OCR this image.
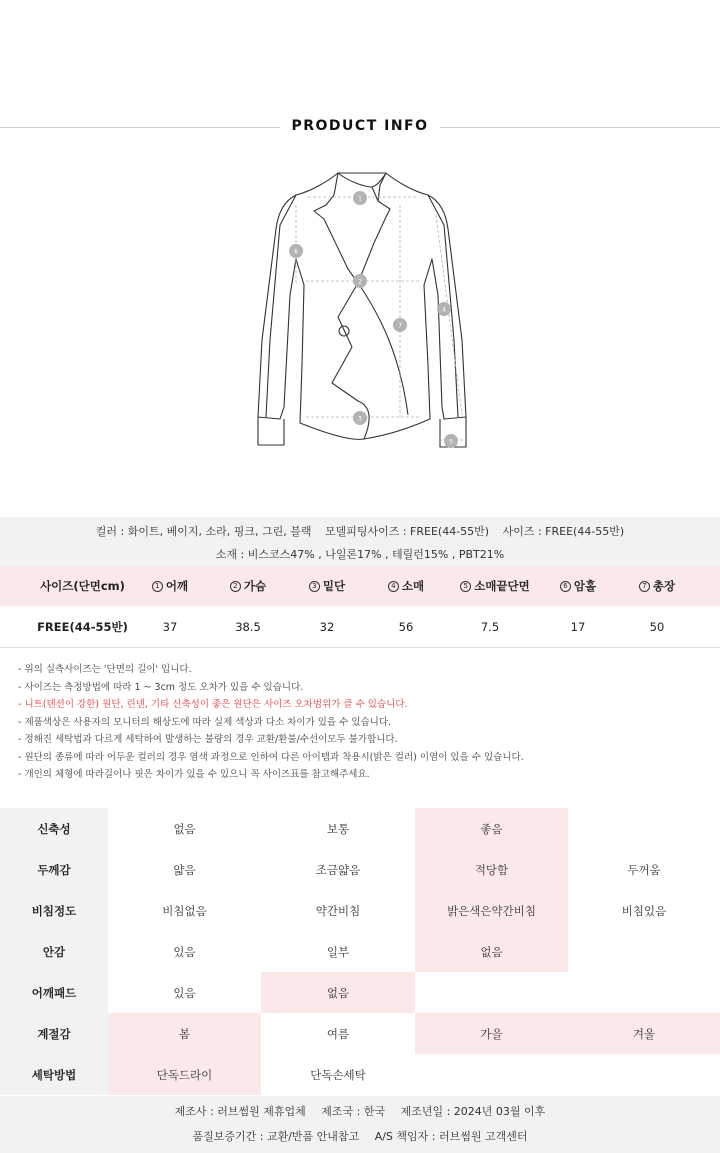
PRODUCT INFO
1
2
3
4
5
6
7
컬러 : 화이트, 베이지, 소라, 핑크, 그린, 블랙 모델피팅사이즈 : FREE(44-55반) 사이즈 : FREE(44-55반)
소재 : 비스코스47% , 나일론17% , 테릴런15% , PBT21%
사이즈(단면cm)	1 어깨	2 가슴	3 밑단	4 소매	5 소매끝단면	6 암홀	7 총장
FREE(44-55반)	37	38.5	32	56	7.5	17	50
- 위의 실측사이즈는 '단면의 길이' 입니다.
- 사이즈는 측정방법에 따라 1 ~ 3cm 정도 오차가 있을 수 있습니다.
- 니트(텐션이 강한) 원단, 린넨, 기타 신축성이 좋은 원단은 사이즈 오차범위가 클 수 있습니다.
- 제품색상은 사용자의 모니터의 해상도에 따라 실제 색상과 다소 차이가 있을 수 있습니다.
- 정해진 세탁법과 다르게 세탁하여 발생하는 불량의 경우 교환/환불/수선이모두 불가합니다.
- 원단의 종류에 따라 어두운 컬러의 경우 염색 과정으로 인하여 다른 아이템과 착용시(밝은 컬러) 이염이 있을 수 있습니다.
- 개인의 체형에 따라길이나 핏은 차이가 있을 수 있으니 꼭 사이즈표를 참고해주세요.
신축성	없음	보통	좋음
두께감	얇음	조금얇음	적당함	두꺼움
비침정도	비침없음	약간비침	밝은색은약간비침	비침있음
안감	있음	일부	없음
어깨패드	있음	없음
계절감	봄	여름	가을	겨울
세탁방법	단독드라이	단독손세탁
제조사 : 러브썸원 제휴업체 제조국 : 한국 제조년일 : 2024년 03월 이후
품질보증기간 : 교환/반품 안내참고 A/S 책임자 : 러브썸원 고객센터
